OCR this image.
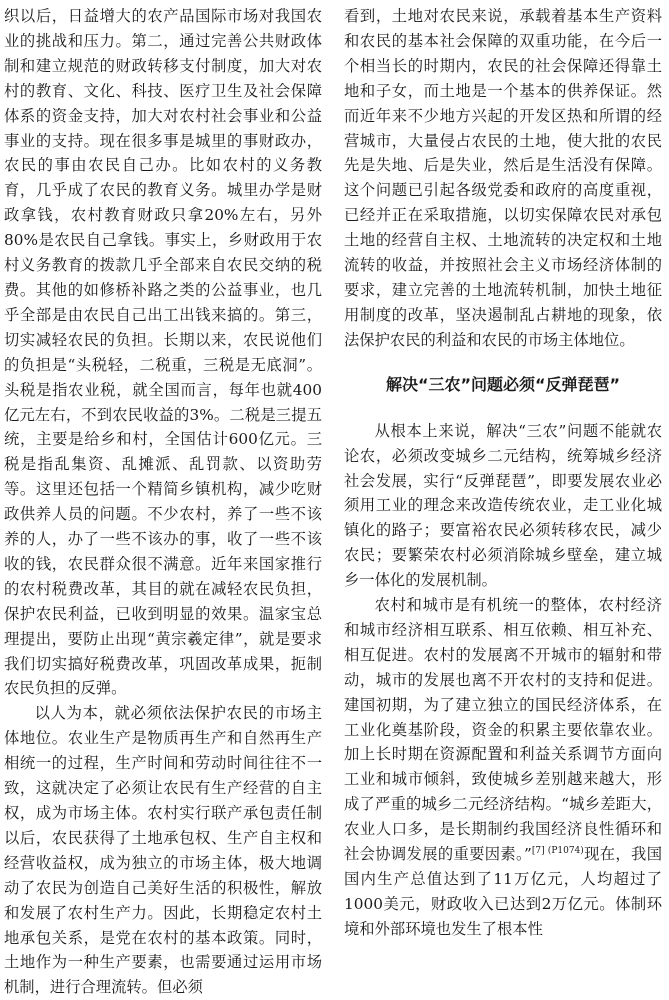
织以后，日益增大的农产品国际市场对我国农业的挑战和压力。第二，通过完善公共财政体制和建立规范的财政转移支付制度，加大对农村的教育、文化、科技、医疗卫生及社会保障体系的资金支持，加大对农村社会事业和公益事业的支持。现在很多事是城里的事财政办，农民的事由农民自己办。比如农村的义务教育，几乎成了农民的教育义务。城里办学是财政拿钱，农村教育财政只拿20%左右，另外80%是农民自己拿钱。事实上，乡财政用于农村义务教育的拨款几乎全部来自农民交纳的税费。其他的如修桥补路之类的公益事业，也几乎全部是由农民自己出工出钱来搞的。第三，切实减轻农民的负担。长期以来，农民说他们的负担是“头税轻，二税重，三税是无底洞”。头税是指农业税，就全国而言，每年也就400亿元左右，不到农民收益的3%。二税是三提五统，主要是给乡和村，全国估计600亿元。三税是指乱集资、乱摊派、乱罚款、以资助劳等。这里还包括一个精简乡镇机构，减少吃财政供养人员的问题。不少农村，养了一些不该养的人，办了一些不该办的事，收了一些不该收的钱，农民群众很不满意。近年来国家推行的农村税费改革，其目的就在减轻农民负担，保护农民利益，已收到明显的效果。温家宝总理提出，要防止出现“黄宗羲定律”，就是要求我们切实搞好税费改革，巩固改革成果，扼制农民负担的反弹。

以人为本，就必须依法保护农民的市场主体地位。农业生产是物质再生产和自然再生产相统一的过程，生产时间和劳动时间往往不一致，这就决定了必须让农民有生产经营的自主权，成为市场主体。农村实行联产承包责任制以后，农民获得了土地承包权、生产自主权和经营收益权，成为独立的市场主体，极大地调动了农民为创造自己美好生活的积极性，解放和发展了农村生产力。因此，长期稳定农村土地承包关系，是党在农村的基本政策。同时，土地作为一种生产要素，也需要通过运用市场机制，进行合理流转。但必须

看到，土地对农民来说，承载着基本生产资料和农民的基本社会保障的双重功能，在今后一个相当长的时期内，农民的社会保障还得靠土地和子女，而土地是一个基本的供养保证。然而近年来不少地方兴起的开发区热和所谓的经营城市，大量侵占农民的土地，使大批的农民先是失地、后是失业，然后是生活没有保障。这个问题已引起各级党委和政府的高度重视，已经并正在采取措施，以切实保障农民对承包土地的经营自主权、土地流转的决定权和土地流转的收益，并按照社会主义市场经济体制的要求，建立完善的土地流转机制，加快土地征用制度的改革，坚决遏制乱占耕地的现象，依法保护农民的利益和农民的市场主体地位。

解决“三农”问题必须“反弹琵琶”

从根本上来说，解决“三农”问题不能就农论农，必须改变城乡二元结构，统筹城乡经济社会发展，实行“反弹琵琶”，即要发展农业必须用工业的理念来改造传统农业，走工业化城镇化的路子；要富裕农民必须转移农民，减少农民；要繁荣农村必须消除城乡壁垒，建立城乡一体化的发展机制。

农村和城市是有机统一的整体，农村经济和城市经济相互联系、相互依赖、相互补充、相互促进。农村的发展离不开城市的辐射和带动，城市的发展也离不开农村的支持和促进。建国初期，为了建立独立的国民经济体系，在工业化奠基阶段，资金的积累主要依靠农业。加上长时期在资源配置和利益关系调节方面向工业和城市倾斜，致使城乡差别越来越大，形成了严重的城乡二元经济结构。“城乡差距大，农业人口多，是长期制约我国经济良性循环和社会协调发展的重要因素。”$^{[7] (P1074)}$现在，我国国内生产总值达到了11万亿元，人均超过了1000美元，财政收入已达到2万亿元。体制环境和外部环境也发生了根本性
